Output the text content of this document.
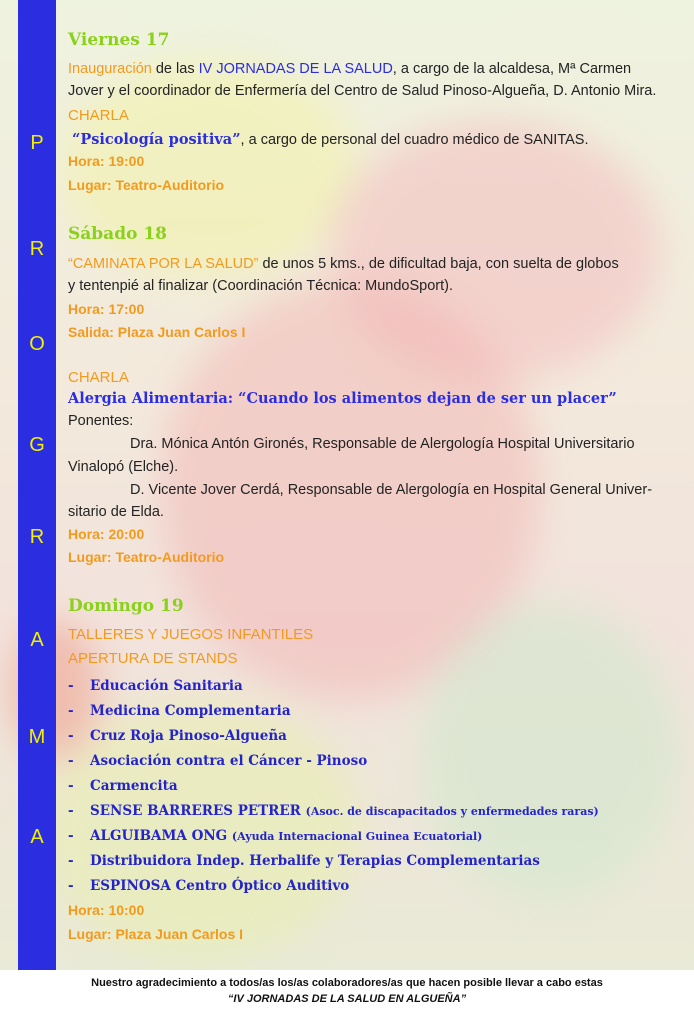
P
R
O
G
R
A
M
A
Viernes 17
Inauguración de las IV JORNADAS DE LA SALUD, a cargo de la alcaldesa, Mª Carmen
Jover y el coordinador de Enfermería del Centro de Salud Pinoso-Algueña, D. Antonio Mira.
CHARLA
“Psicología positiva”, a cargo de personal del cuadro médico de SANITAS.
Hora: 19:00
Lugar: Teatro-Auditorio
Sábado 18
“CAMINATA POR LA SALUD” de unos 5 kms., de dificultad baja, con suelta de globos
y tentenpié al finalizar (Coordinación Técnica: MundoSport).
Hora: 17:00
Salida: Plaza Juan Carlos I
CHARLA
Alergia Alimentaria: “Cuando los alimentos dejan de ser un placer”
Ponentes:
Dra. Mónica Antón Gironés, Responsable de Alergología Hospital Universitario
Vinalopó (Elche).
D. Vicente Jover Cerdá, Responsable de Alergología en Hospital General Univer-
sitario de Elda.
Hora: 20:00
Lugar: Teatro-Auditorio
Domingo 19
TALLERES Y JUEGOS INFANTILES
APERTURA DE STANDS
- Educación Sanitaria
- Medicina Complementaria
- Cruz Roja Pinoso-Algueña
- Asociación contra el Cáncer - Pinoso
- Carmencita
- SENSE BARRERES PETRER (Asoc. de discapacitados y enfermedades raras)
- ALGUIBAMA ONG (Ayuda Internacional Guinea Ecuatorial)
- Distribuidora Indep. Herbalife y Terapias Complementarias
- ESPINOSA Centro Óptico Auditivo
Hora: 10:00
Lugar: Plaza Juan Carlos I
Nuestro agradecimiento a todos/as los/as colaboradores/as que hacen posible llevar a cabo estas
“IV JORNADAS DE LA SALUD EN ALGUEÑA”
